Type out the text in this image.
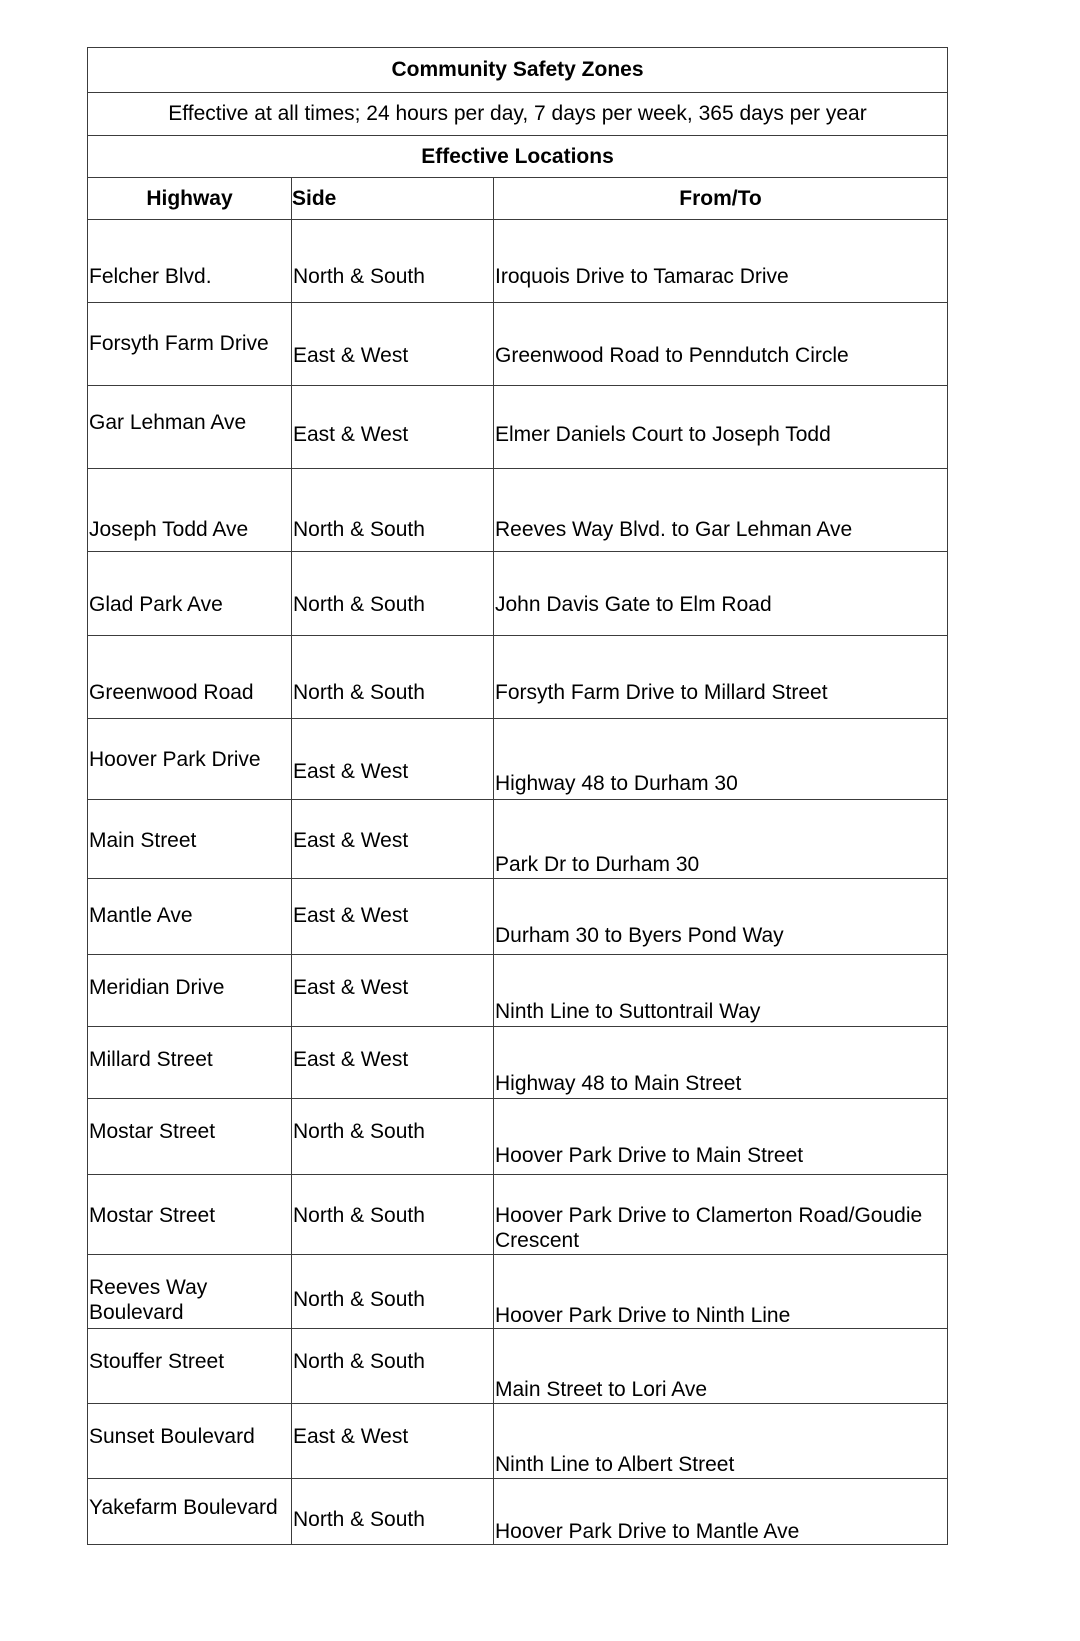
Community Safety Zones		
Effective at all times; 24 hours per day, 7 days per week, 365 days per year		
Effective Locations		
Highway	Side	From/To

Felcher Blvd.	North & South	Iroquois Drive to Tamarac Drive

Forsyth Farm Drive	East & West	Greenwood Road to Penndutch Circle

Gar Lehman Ave	East & West	Elmer Daniels Court to Joseph Todd

Joseph Todd Ave	North & South	Reeves Way Blvd. to Gar Lehman Ave

Glad Park Ave	North & South	John Davis Gate to Elm Road

Greenwood Road	North & South	Forsyth Farm Drive to Millard Street

Hoover Park Drive	East & West	Highway 48 to Durham 30

Main Street	East & West	Park Dr to Durham 30

Mantle Ave	East & West	Durham 30 to Byers Pond Way

Meridian Drive	East & West	Ninth Line to Suttontrail Way

Millard Street	East & West	Highway 48 to Main Street

Mostar Street	North & South	Hoover Park Drive to Main Street

Mostar Street	North & South	Hoover Park Drive to Clamerton Road/Goudie Crescent

Reeves Way Boulevard	North & South	Hoover Park Drive to Ninth Line

Stouffer Street	North & South	Main Street to Lori Ave

Sunset Boulevard	East & West	Ninth Line to Albert Street

Yakefarm Boulevard	North & South	Hoover Park Drive to Mantle Ave
